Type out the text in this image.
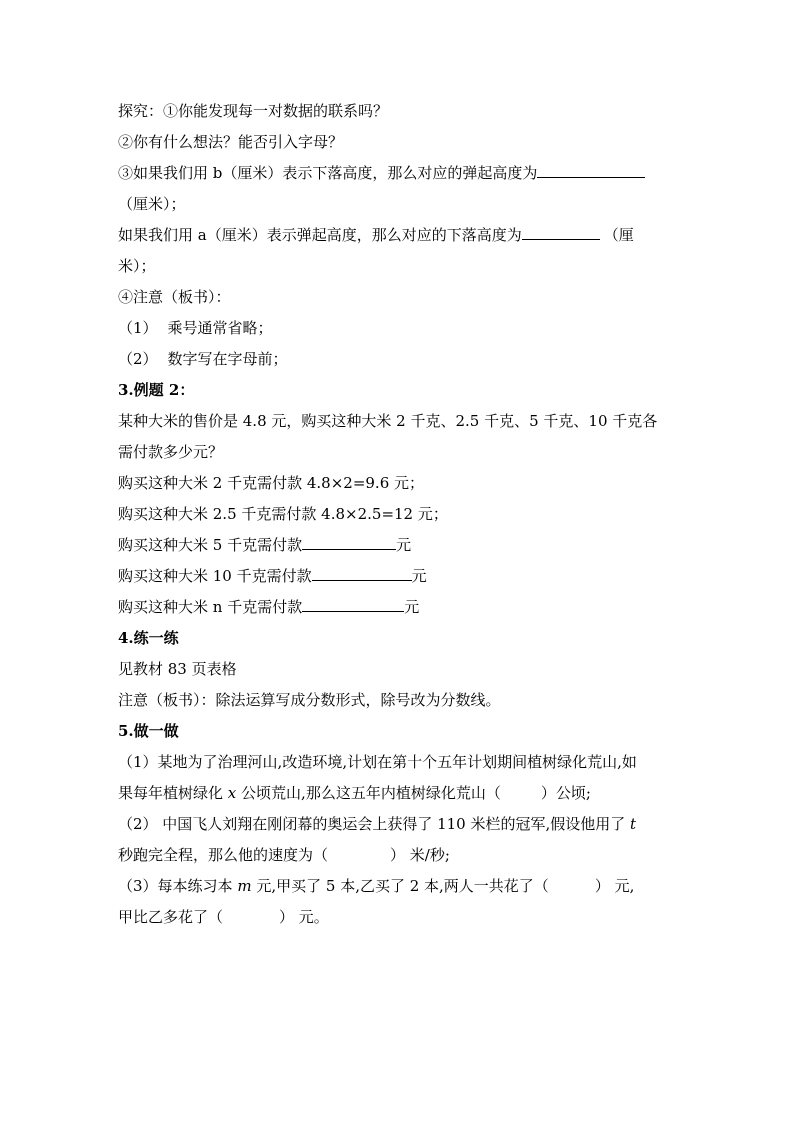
探究：①你能发现每一对数据的联系吗？
②你有什么想法？能否引入字母？
③如果我们用 b（厘米）表示下落高度，那么对应的弹起高度为
（厘米）；
如果我们用 a（厘米）表示弹起高度，那么对应的下落高度为	（厘
米）；
④注意（板书）：
（1） 乘号通常省略；
（2） 数字写在字母前；
3.例题 2：
某种大米的售价是 4.8 元，购买这种大米 2 千克、2.5 千克、5 千克、10 千克各
需付款多少元？
购买这种大米 2 千克需付款 4.8×2=9.6 元；
购买这种大米 2.5 千克需付款 4.8×2.5=12 元；
购买这种大米 5 千克需付款	元
购买这种大米 10 千克需付款	元
购买这种大米 n 千克需付款	元
4.练一练
见教材 83 页表格
注意（板书）：除法运算写成分数形式，除号改为分数线。
5.做一做
（1）某地为了治理河山,改造环境,计划在第十个五年计划期间植树绿化荒山,如
果每年植树绿化 x 公顷荒山,那么这五年内植树绿化荒山（	）公顷;
（2） 中国飞人刘翔在刚闭幕的奥运会上获得了 110 米栏的冠军,假设他用了 t
秒跑完全程，那么他的速度为（	） 米/秒;
（3）每本练习本 m 元,甲买了 5 本,乙买了 2 本,两人一共花了（	） 元,
甲比乙多花了（	） 元。
